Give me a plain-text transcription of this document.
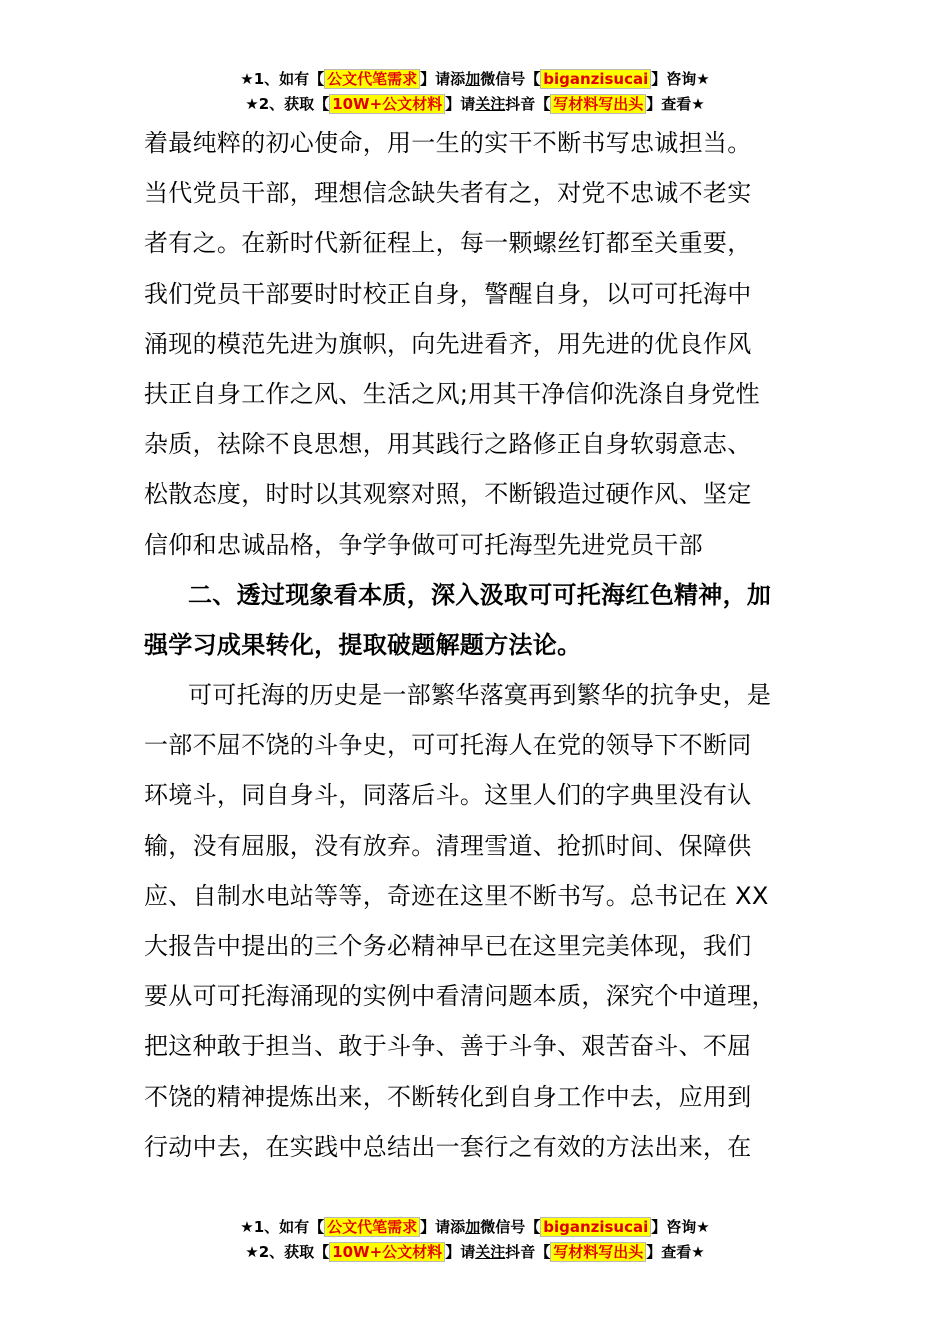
★1、如有【 公文代笔需求 】请添加微信号【 biganzisucai 】咨询★
★2、获取【 10W+公文材料 】请关注抖音【 写材料写出头 】查看★
着最纯粹的初心使命，用一生的实干不断书写忠诚担当。
当代党员干部，理想信念缺失者有之，对党不忠诚不老实
者有之。在新时代新征程上，每一颗螺丝钉都至关重要，
我们党员干部要时时校正自身，警醒自身，以可可托海中
涌现的模范先进为旗帜，向先进看齐，用先进的优良作风
扶正自身工作之风、生活之风;用其干净信仰洗涤自身党性
杂质，祛除不良思想，用其践行之路修正自身软弱意志、
松散态度，时时以其观察对照，不断锻造过硬作风、坚定
信仰和忠诚品格，争学争做可可托海型先进党员干部
二、透过现象看本质，深入汲取可可托海红色精神，加
强学习成果转化，提取破题解题方法论。
可可托海的历史是一部繁华落寞再到繁华的抗争史，是
一部不屈不饶的斗争史，可可托海人在党的领导下不断同
环境斗，同自身斗，同落后斗。这里人们的字典里没有认
输，没有屈服，没有放弃。清理雪道、抢抓时间、保障供
应、自制水电站等等，奇迹在这里不断书写。总书记在 XX
大报告中提出的三个务必精神早已在这里完美体现，我们
要从可可托海涌现的实例中看清问题本质，深究个中道理，
把这种敢于担当、敢于斗争、善于斗争、艰苦奋斗、不屈
不饶的精神提炼出来，不断转化到自身工作中去，应用到
行动中去，在实践中总结出一套行之有效的方法出来，在
★1、如有【 公文代笔需求 】请添加微信号【 biganzisucai 】咨询★
★2、获取【 10W+公文材料 】请关注抖音【 写材料写出头 】查看★
